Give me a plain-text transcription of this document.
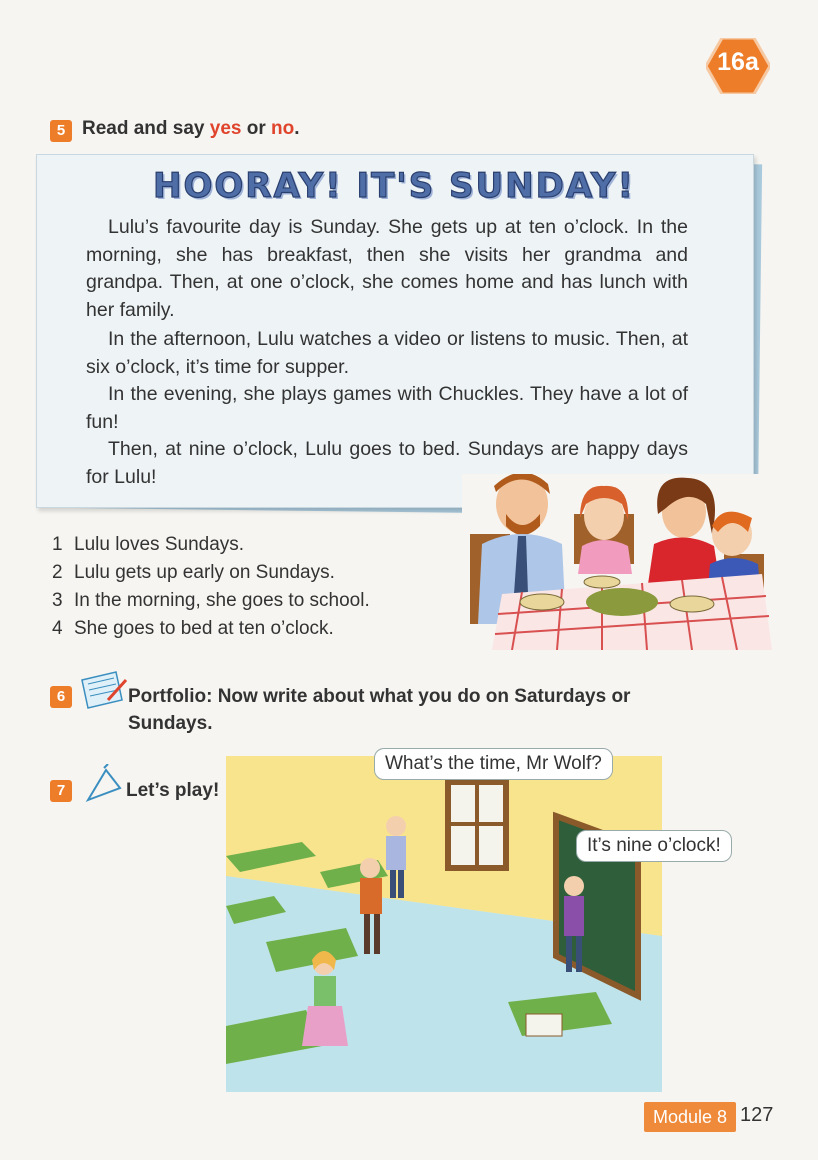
16a
5 Read and say yes or no.
HOORAY! IT'S SUNDAY!
Lulu’s favourite day is Sunday. She gets up at ten o’clock. In the morning, she has breakfast, then she visits her grandma and grandpa. Then, at one o’clock, she comes home and has lunch with her family.
In the afternoon, Lulu watches a video or listens to music. Then, at six o’clock, it’s time for supper.
In the evening, she plays games with Chuckles. They have a lot of fun!
Then, at nine o’clock, Lulu goes to bed. Sundays are happy days for Lulu!
1 Lulu loves Sundays.
2 Lulu gets up early on Sundays.
3 In the morning, she goes to school.
4 She goes to bed at ten o’clock.
6	Portfolio: Now write about what you do on Saturdays or
Sundays.
7	Let’s play!
What’s the time, Mr Wolf?
It’s nine o’clock!
Module 8 127
